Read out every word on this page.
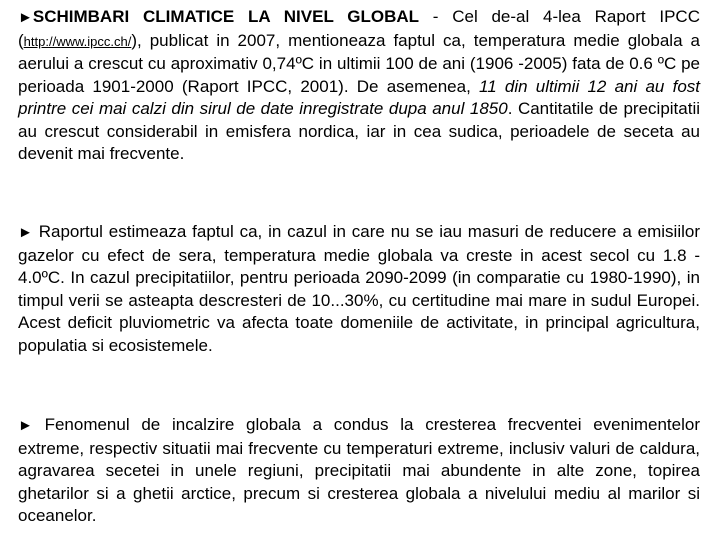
►SCHIMBARI CLIMATICE LA NIVEL GLOBAL - Cel de-al 4-lea Raport IPCC (http://www.ipcc.ch/), publicat in 2007, mentioneaza faptul ca, temperatura medie globala a aerului a crescut cu aproximativ 0,74ºC in ultimii 100 de ani (1906 -2005) fata de 0.6 ºC pe perioada 1901-2000 (Raport IPCC, 2001). De asemenea, 11 din ultimii 12 ani au fost printre cei mai calzi din sirul de date inregistrate dupa anul 1850. Cantitatile de precipitatii au crescut considerabil in emisfera nordica, iar in cea sudica, perioadele de seceta au devenit mai frecvente.

► Raportul estimeaza faptul ca, in cazul in care nu se iau masuri de reducere a emisiilor gazelor cu efect de sera, temperatura medie globala va creste in acest secol cu 1.8 - 4.0ºC. In cazul precipitatiilor, pentru perioada 2090-2099 (in comparatie cu 1980-1990), in timpul verii se asteapta descresteri de 10...30%, cu certitudine mai mare in sudul Europei. Acest deficit pluviometric va afecta toate domeniile de activitate, in principal agricultura, populatia si ecosistemele.

► Fenomenul de incalzire globala a condus la cresterea frecventei evenimentelor extreme, respectiv situatii mai frecvente cu temperaturi extreme, inclusiv valuri de caldura, agravarea secetei in unele regiuni, precipitatii mai abundente in alte zone, topirea ghetarilor si a ghetii arctice, precum si cresterea globala a nivelului mediu al marilor si oceanelor.
